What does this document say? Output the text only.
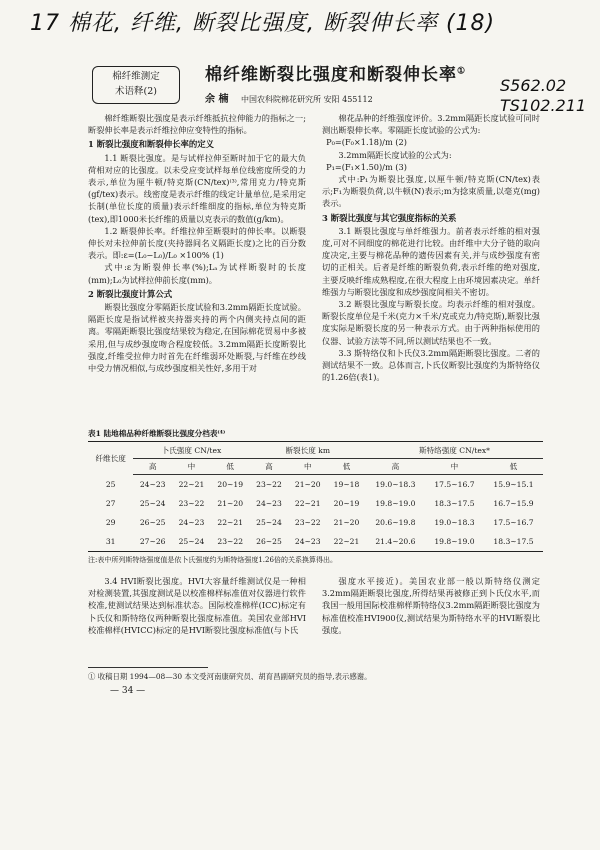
17 棉花, 纤维, 断裂比强度, 断裂伸长率 (18)
S562.02
TS102.211
棉纤维测定
术语释(2)
棉纤维断裂比强度和断裂伸长率①
余 楠 中国农科院棉花研究所 安阳 455112

棉纤维断裂比强度是表示纤维抵抗拉伸能力的指标之一;断裂伸长率是表示纤维拉伸应变特性的指标。

1 断裂比强度和断裂伸长率的定义

1.1 断裂比强度。是与试样拉伸至断时加于它的最大负荷相对应的比强度。以未受应变试样每单位线密度所受的力表示,单位为厘牛顿/特克斯(CN/tex)⁽³⁾,常用克力/特克斯(gf/tex)表示。线密度是表示纤维的线定计量单位,是采用定长制(单位长度的质量)表示纤维细度的指标,单位为特克斯(tex),即1000米长纤维的质量以克表示的数值(g/km)。

1.2 断裂伸长率。纤维拉伸至断裂时的伸长率。以断裂伸长对未拉伸前长度(夹持器间名义隔距长度)之比的百分数表示。即:ε=(L₀−L₀)/L₀ ×100% (1)

式中:ε为断裂伸长率(%);Lₐ为试样断裂时的长度(mm);L₀为试样拉伸前长度(mm)。

2 断裂比强度计算公式

断裂比强度分零隔距长度试验和3.2mm隔距长度试验。隔距长度是指试样被夹持器夹持的两个内侧夹持点间的距离。零隔距断裂比强度结果较为稳定,在国际棉花贸易中多被采用,但与成纱强度吻合程度较低。3.2mm隔距长度断裂比强度,纤维受拉伸力时首先在纤维弱环处断裂,与纤维在纱线中受力情况相似,与成纱强度相关性好,多用于对

棉花品种的纤维强度评价。3.2mm隔距长度试验可同时测出断裂伸长率。零隔距长度试验的公式为:

P₀=(F₀×1.18)/m (2)

3.2mm隔距长度试验的公式为:

P₁=(F₁×1.50)/m (3)

式中:P₁为断裂比强度,以厘牛顿/特克斯(CN/tex)表示;F₁为断裂负荷,以牛顿(N)表示;m为捻束质量,以毫克(mg)表示。

3 断裂比强度与其它强度指标的关系

3.1 断裂比强度与单纤维强力。前者表示纤维的相对强度,可对不同细度的棉花进行比较。由纤维中大分子链的取向度决定,主要与棉花品种的遗传因素有关,并与成纱强度有密切的正相关。后者是纤维的断裂负荷,表示纤维的绝对强度,主要反映纤维成熟程度,在很大程度上由环境因素决定。单纤维强力与断裂比强度和成纱强度间相关不密切。

3.2 断裂比强度与断裂长度。均表示纤维的相对强度。断裂长度单位是千米(克力×千米/克或克力/特克斯),断裂比强度实际是断裂长度的另一种表示方式。由于两种指标使用的仪器、试验方法等不同,所以测试结果也不一致。

3.3 斯特络仪和卜氏仪3.2mm隔距断裂比强度。二者的测试结果不一致。总体而言,卜氏仪断裂比强度约为斯特络仪的1.26倍(表1)。

表1 陆地棉品种纤维断裂比强度分档表⁽⁴⁾
纤维长度	卜氏强度 CN/tex			断裂长度 km			斯特络强度 CN/tex*		
	高	中	低	高	中	低	高	中	低
25	24~23	22~21	20~19	23~22	21~20	19~18	19.0~18.3	17.5~16.7	15.9~15.1
27	25~24	23~22	21~20	24~23	22~21	20~19	19.8~19.0	18.3~17.5	16.7~15.9
29	26~25	24~23	22~21	25~24	23~22	21~20	20.6~19.8	19.0~18.3	17.5~16.7
31	27~26	25~24	23~22	26~25	24~23	22~21	21.4~20.6	19.8~19.0	18.3~17.5
注:表中所列斯特络强度值是依卜氏强度约为斯特络强度1.26倍的关系换算得出。

3.4 HVI断裂比强度。HVI大容量纤维测试仪是一种相对检测装置,其强度测试是以校准棉样标准值对仪器进行软件校准,使测试结果达到标准状态。国际校准棉样(ICC)标定有卜氏仪和斯特络仪两种断裂比强度标准值。美国农业部HVI校准棉样(HVICC)标定的是HVI断裂比强度标准值(与卜氏

强度水平接近)。美国农业部一般以斯特络仪测定3.2mm隔距断裂比强度,所得结果再被修正到卜氏仪水平,而我国一般用国际校准棉样斯特络仪3.2mm隔距断裂比强度为标准值校准HVI900仪,测试结果为斯特络水平的HVI断裂比强度。

① 收稿日期 1994—08—30 本文受河南康研究员、胡育昌副研究员的指导,表示感谢。
— 34 —
